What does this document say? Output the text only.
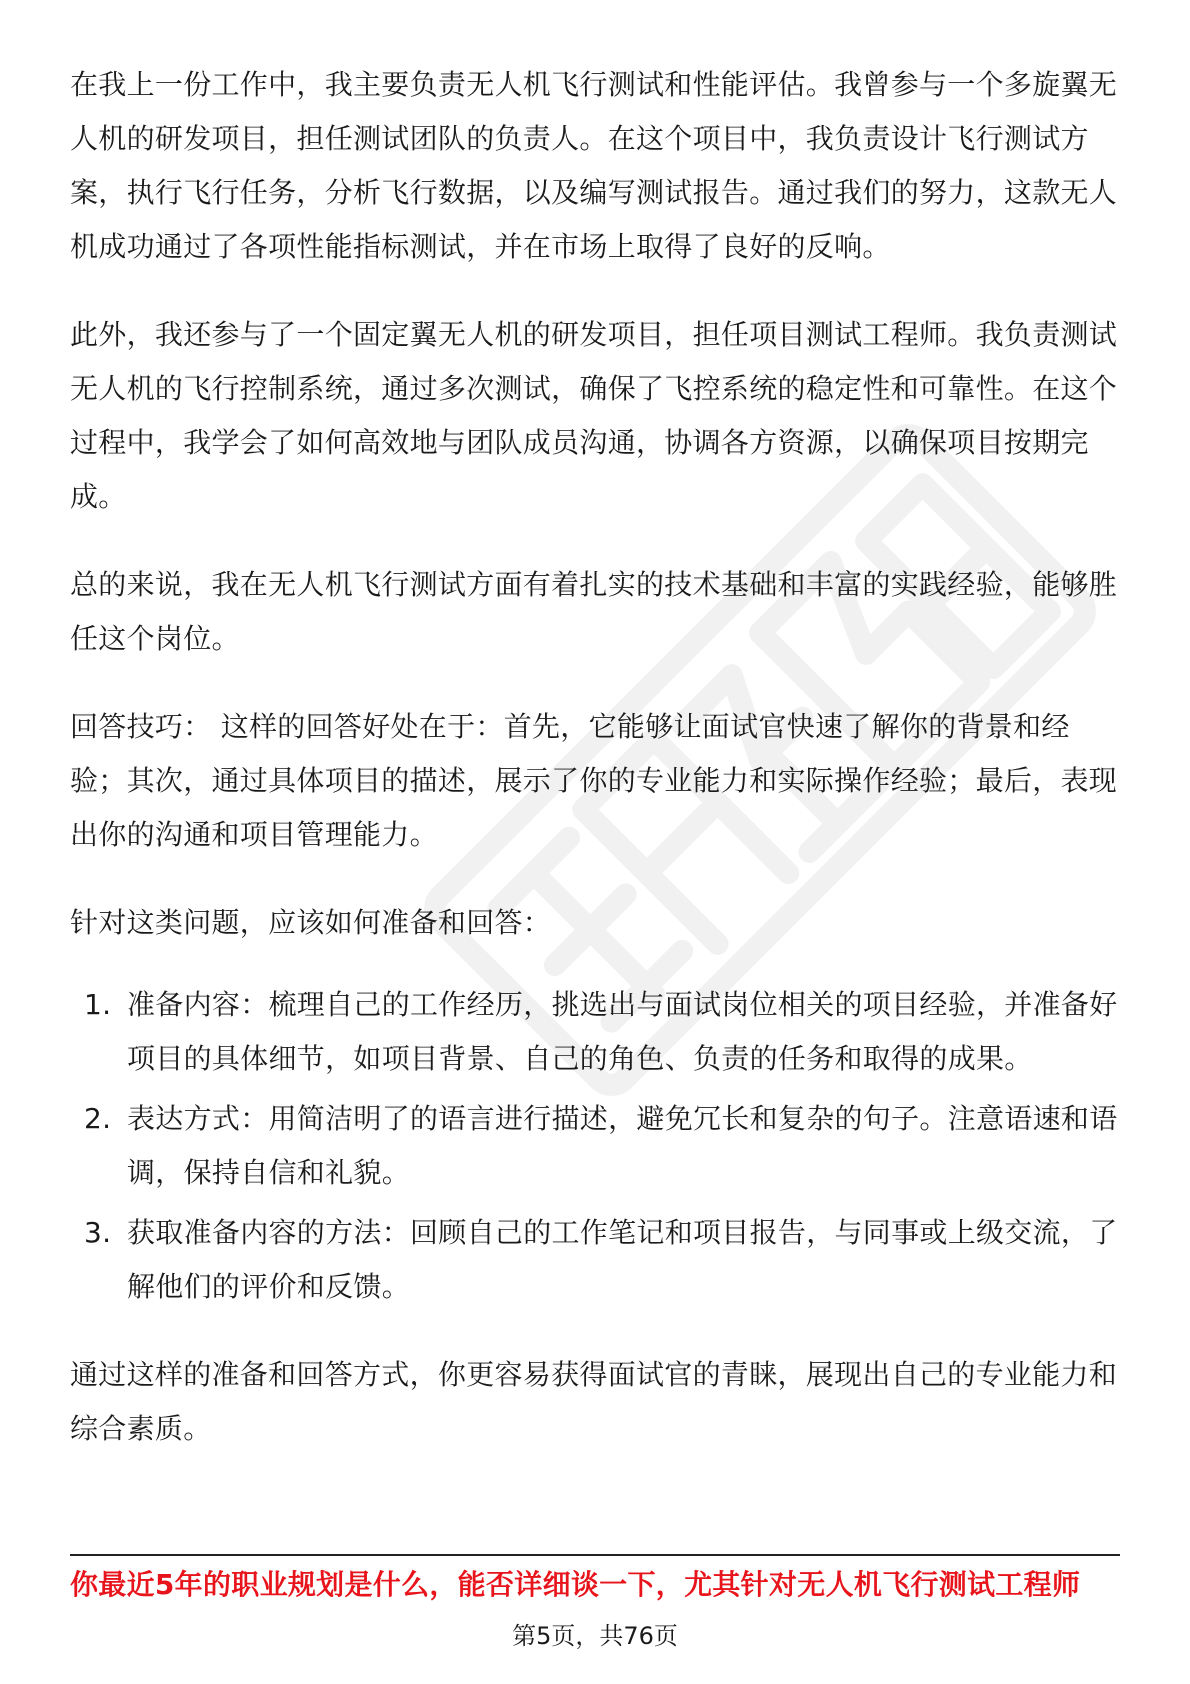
在我上一份工作中，我主要负责无人机飞行测试和性能评估。我曾参与一个多旋翼无人机的研发项目，担任测试团队的负责人。在这个项目中，我负责设计飞行测试方案，执行飞行任务，分析飞行数据，以及编写测试报告。通过我们的努力，这款无人机成功通过了各项性能指标测试，并在市场上取得了良好的反响。

此外，我还参与了一个固定翼无人机的研发项目，担任项目测试工程师。我负责测试无人机的飞行控制系统，通过多次测试，确保了飞控系统的稳定性和可靠性。在这个过程中，我学会了如何高效地与团队成员沟通，协调各方资源，以确保项目按期完成。

总的来说，我在无人机飞行测试方面有着扎实的技术基础和丰富的实践经验，能够胜任这个岗位。

回答技巧： 这样的回答好处在于：首先，它能够让面试官快速了解你的背景和经验；其次，通过具体项目的描述，展示了你的专业能力和实际操作经验；最后，表现出你的沟通和项目管理能力。

针对这类问题，应该如何准备和回答：

1. 准备内容：梳理自己的工作经历，挑选出与面试岗位相关的项目经验，并准备好项目的具体细节，如项目背景、自己的角色、负责的任务和取得的成果。
2. 表达方式：用简洁明了的语言进行描述，避免冗长和复杂的句子。注意语速和语调，保持自信和礼貌。
3. 获取准备内容的方法：回顾自己的工作笔记和项目报告，与同事或上级交流，了解他们的评价和反馈。

通过这样的准备和回答方式，你更容易获得面试官的青睐，展现出自己的专业能力和综合素质。

你最近5年的职业规划是什么，能否详细谈一下，尤其针对无人机飞行测试工程师
第5页，共76页
